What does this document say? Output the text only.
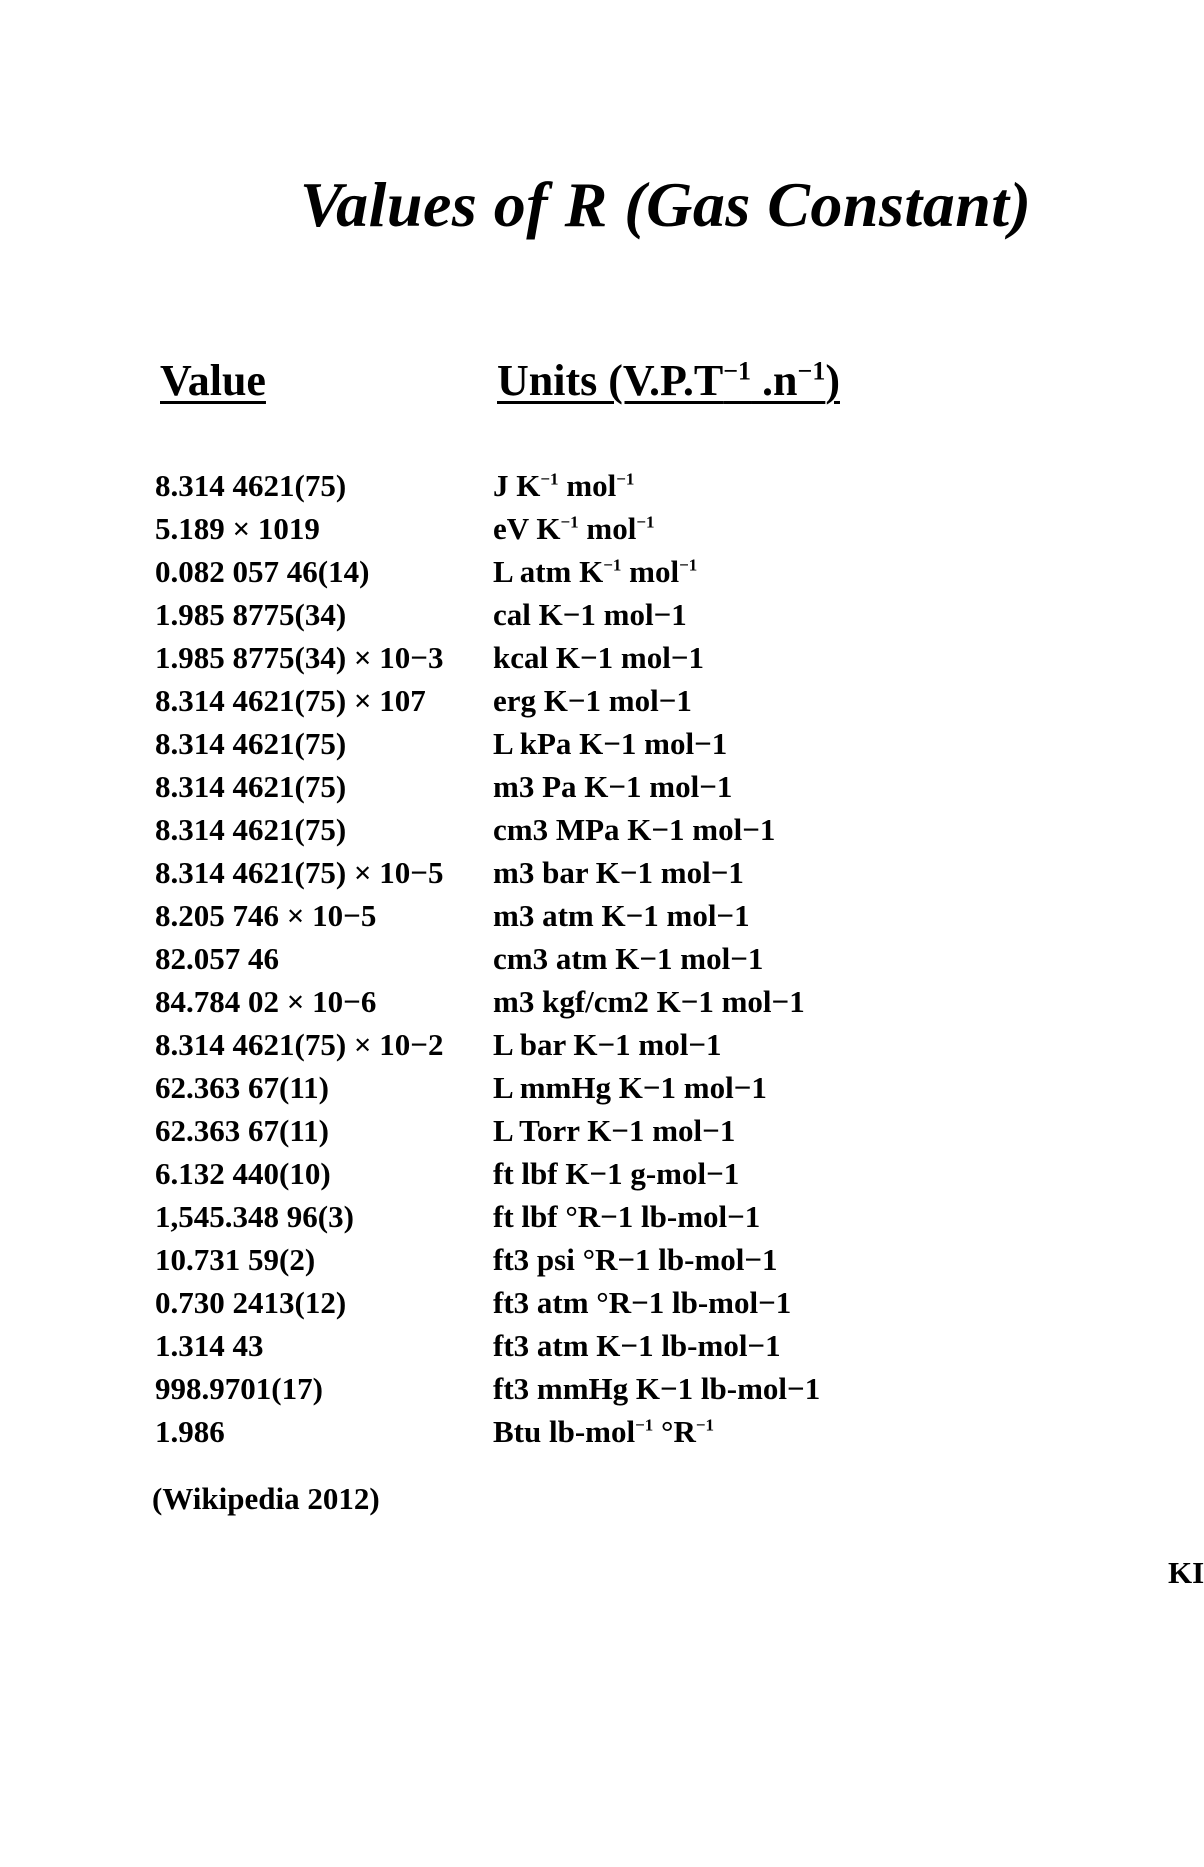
Values of R (Gas Constant)
Value	Units ($V.P.T^{-1}$ $.n^{-1}$)
8.314 4621(75)	J $K^{-1}$ mol$^{-1}$
5.189 × 1019	eV $K^{-1}$ mol$^{-1}$
0.082 057 46(14)	L atm $K^{-1}$ mol$^{-1}$
1.985 8775(34)	cal K−1 mol−1
1.985 8775(34) × 10−3	kcal K−1 mol−1
8.314 4621(75) × 107	erg K−1 mol−1
8.314 4621(75)	L kPa K−1 mol−1
8.314 4621(75)	m3 Pa K−1 mol−1
8.314 4621(75)	cm3 MPa K−1 mol−1
8.314 4621(75) × 10−5	m3 bar K−1 mol−1
8.205 746 × 10−5	m3 atm K−1 mol−1
82.057 46	cm3 atm K−1 mol−1
84.784 02 × 10−6	m3 kgf/cm2 K−1 mol−1
8.314 4621(75) × 10−2	L bar K−1 mol−1
62.363 67(11)	L mmHg K−1 mol−1
62.363 67(11)	L Torr K−1 mol−1
6.132 440(10)	ft lbf K−1 g-mol−1
1,545.348 96(3)	ft lbf °R−1 lb-mol−1
10.731 59(2)	ft3 psi °R−1 lb-mol−1
0.730 2413(12)	ft3 atm °R−1 lb-mol−1
1.314 43	ft3 atm K−1 lb-mol−1
998.9701(17)	ft3 mmHg K−1 lb-mol−1
1.986	Btu lb-mol$^{-1}$ $^\circ R^{-1}$
(Wikipedia 2012)
KI
